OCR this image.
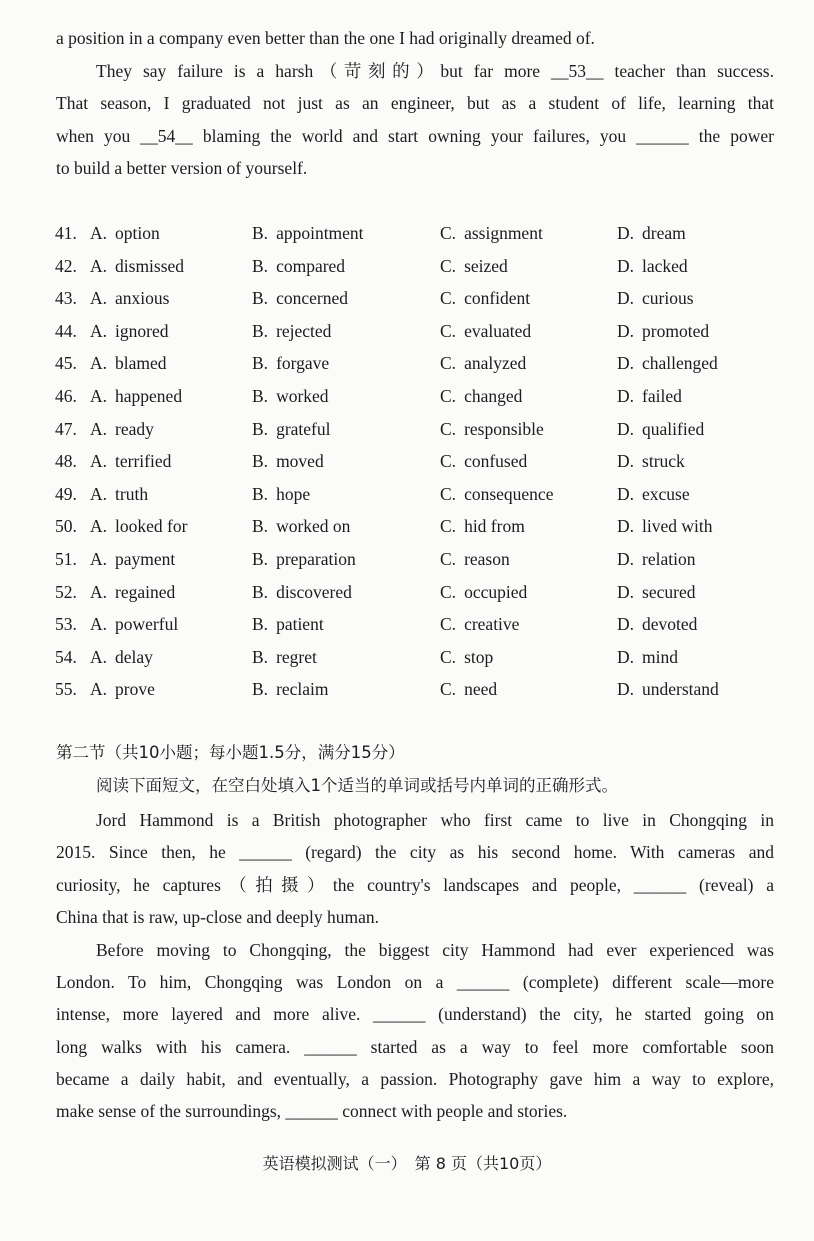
a position in a company even better than the one I had originally dreamed of.
They say failure is a harsh（苛刻的）but far more __53__ teacher than success.
That season, I graduated not just as an engineer, but as a student of life, learning that
when you __54__ blaming the world and start owning your failures, you ______ the power
to build a better version of yourself.
41. A. option	B. appointment	C. assignment	D. dream
42. A. dismissed	B. compared	C. seized	D. lacked
43. A. anxious	B. concerned	C. confident	D. curious
44. A. ignored	B. rejected	C. evaluated	D. promoted
45. A. blamed	B. forgave	C. analyzed	D. challenged
46. A. happened	B. worked	C. changed	D. failed
47. A. ready	B. grateful	C. responsible	D. qualified
48. A. terrified	B. moved	C. confused	D. struck
49. A. truth	B. hope	C. consequence	D. excuse
50. A. looked for	B. worked on	C. hid from	D. lived with
51. A. payment	B. preparation	C. reason	D. relation
52. A. regained	B. discovered	C. occupied	D. secured
53. A. powerful	B. patient	C. creative	D. devoted
54. A. delay	B. regret	C. stop	D. mind
55. A. prove	B. reclaim	C. need	D. understand
第二节（共10小题；每小题1.5分，满分15分）
阅读下面短文，在空白处填入1个适当的单词或括号内单词的正确形式。
Jord Hammond is a British photographer who first came to live in Chongqing in
2015. Since then, he ______ (regard) the city as his second home. With cameras and
curiosity, he captures（拍摄）the country's landscapes and people, ______ (reveal) a
China that is raw, up-close and deeply human.
Before moving to Chongqing, the biggest city Hammond had ever experienced was
London. To him, Chongqing was London on a ______ (complete) different scale—more
intense, more layered and more alive. ______ (understand) the city, he started going on
long walks with his camera. ______ started as a way to feel more comfortable soon
became a daily habit, and eventually, a passion. Photography gave him a way to explore,
make sense of the surroundings, ______ connect with people and stories.
英语模拟测试（一）　第 8 页（共10页）
